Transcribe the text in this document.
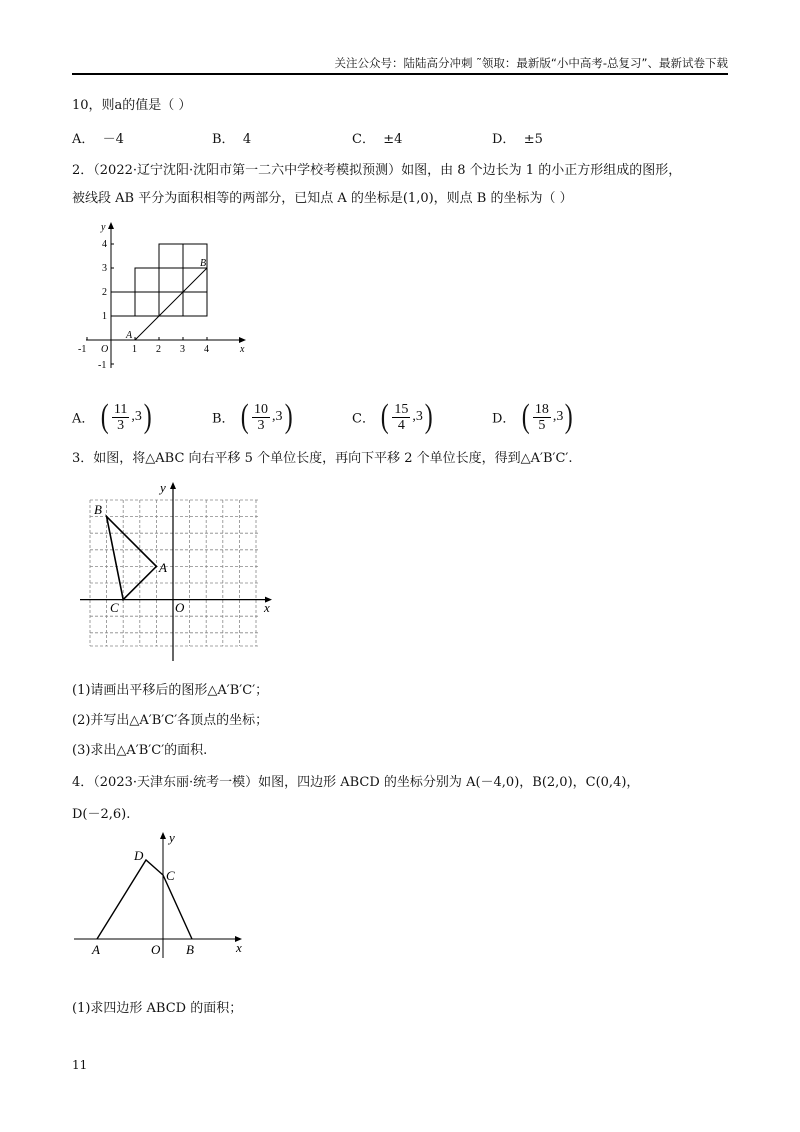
关注公众号：陆陆高分冲刺 ˜领取：最新版“小中高考-总复习”、最新试卷下载
10，则a的值是（ ）
A． －4	B． 4	C． ±4	D． ±5
2．（2022·辽宁沈阳·沈阳市第一二六中学校考模拟预测）如图，由 8 个边长为 1 的小正方形组成的图形，
被线段 AB 平分为面积相等的两部分，已知点 A 的坐标是(1,0)，则点 B 的坐标为（ ）
-1 O 1 2 3 4	x
y
4
3
2
1
-1
A
B
A． ( $\frac{11}{3} ,3$ )	B． ( $\frac{10}{3} ,3$ )	C． ( $\frac{15}{4} ,3$ )	D． ( $\frac{18}{5} ,3$ )
3．如图，将△ABC 向右平移 5 个单位长度，再向下平移 2 个单位长度，得到△A′B′C′.
B
A
C	O	x
y
(1)请画出平移后的图形△A′B′C′；
(2)并写出△A′B′C′各顶点的坐标；
(3)求出△A′B′C′的面积.
4．（2023·天津东丽·统考一模）如图，四边形 ABCD 的坐标分别为 A(－4,0)，B(2,0)，C(0,4)，
D(－2,6).
D
C
A	O B	x
y
(1)求四边形 ABCD 的面积；
11
